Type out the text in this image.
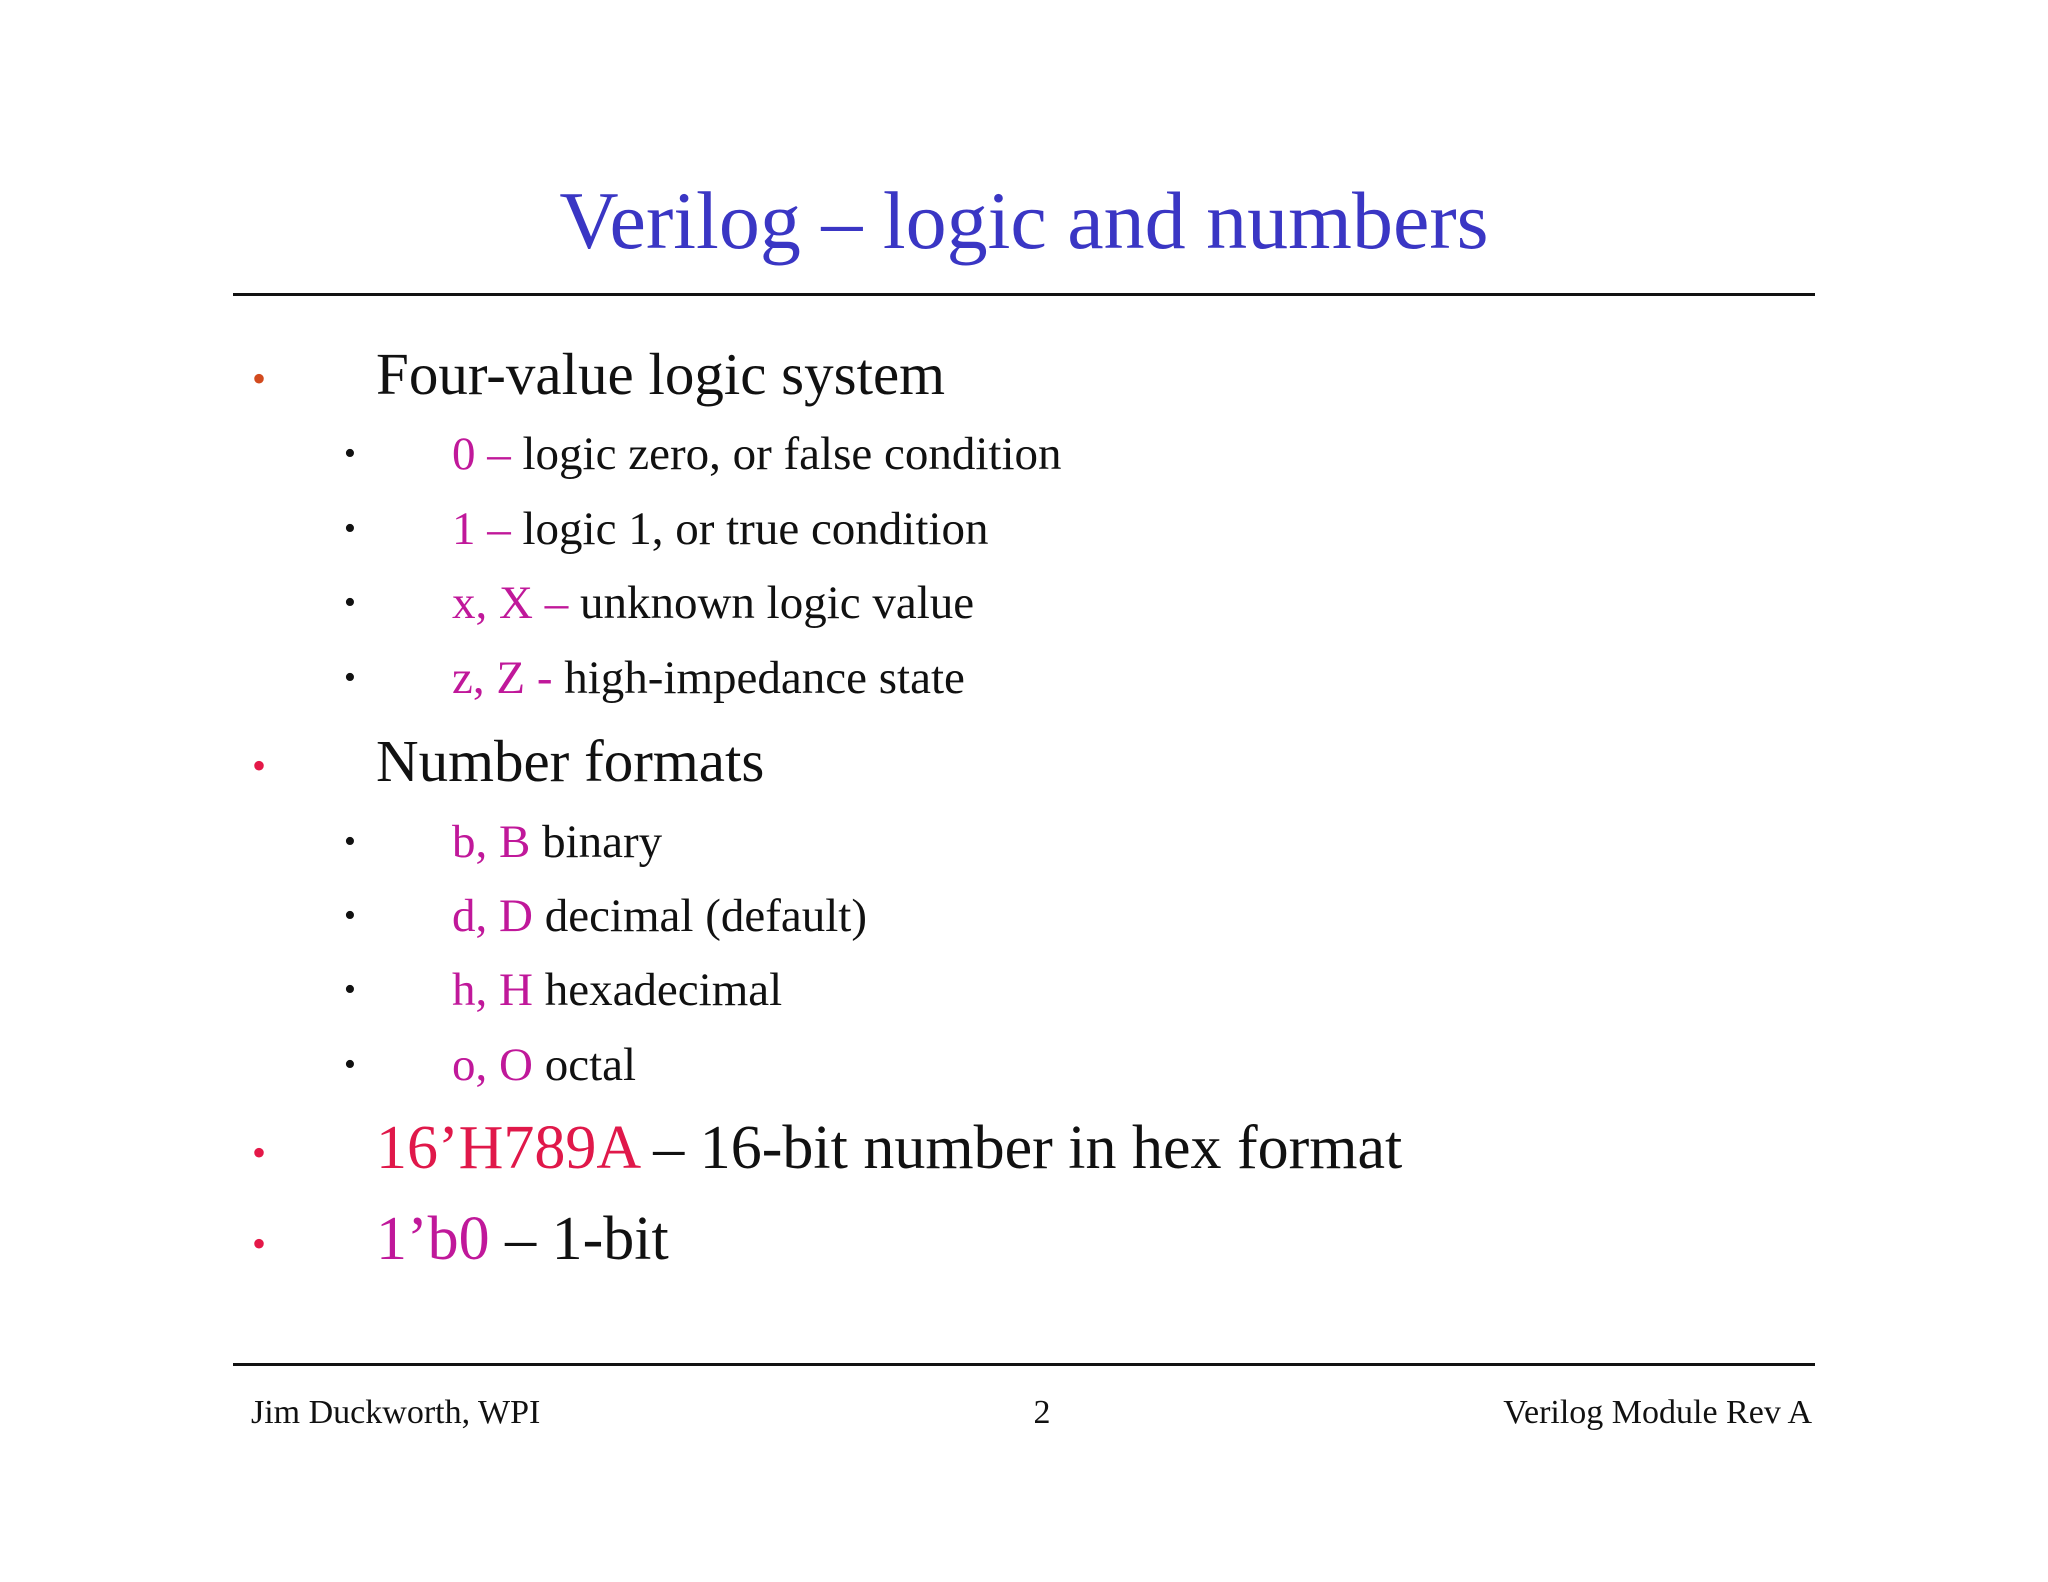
Verilog – logic and numbers
• Four-value logic system
• 0 – logic zero, or false condition
• 1 – logic 1, or true condition
• x, X – unknown logic value
• z, Z - high-impedance state
• Number formats
• b, B binary
• d, D decimal (default)
• h, H hexadecimal
• o, O octal
• 16’H789A – 16-bit number in hex format
• 1’b0 – 1-bit
Jim Duckworth, WPI	2	Verilog Module Rev A
